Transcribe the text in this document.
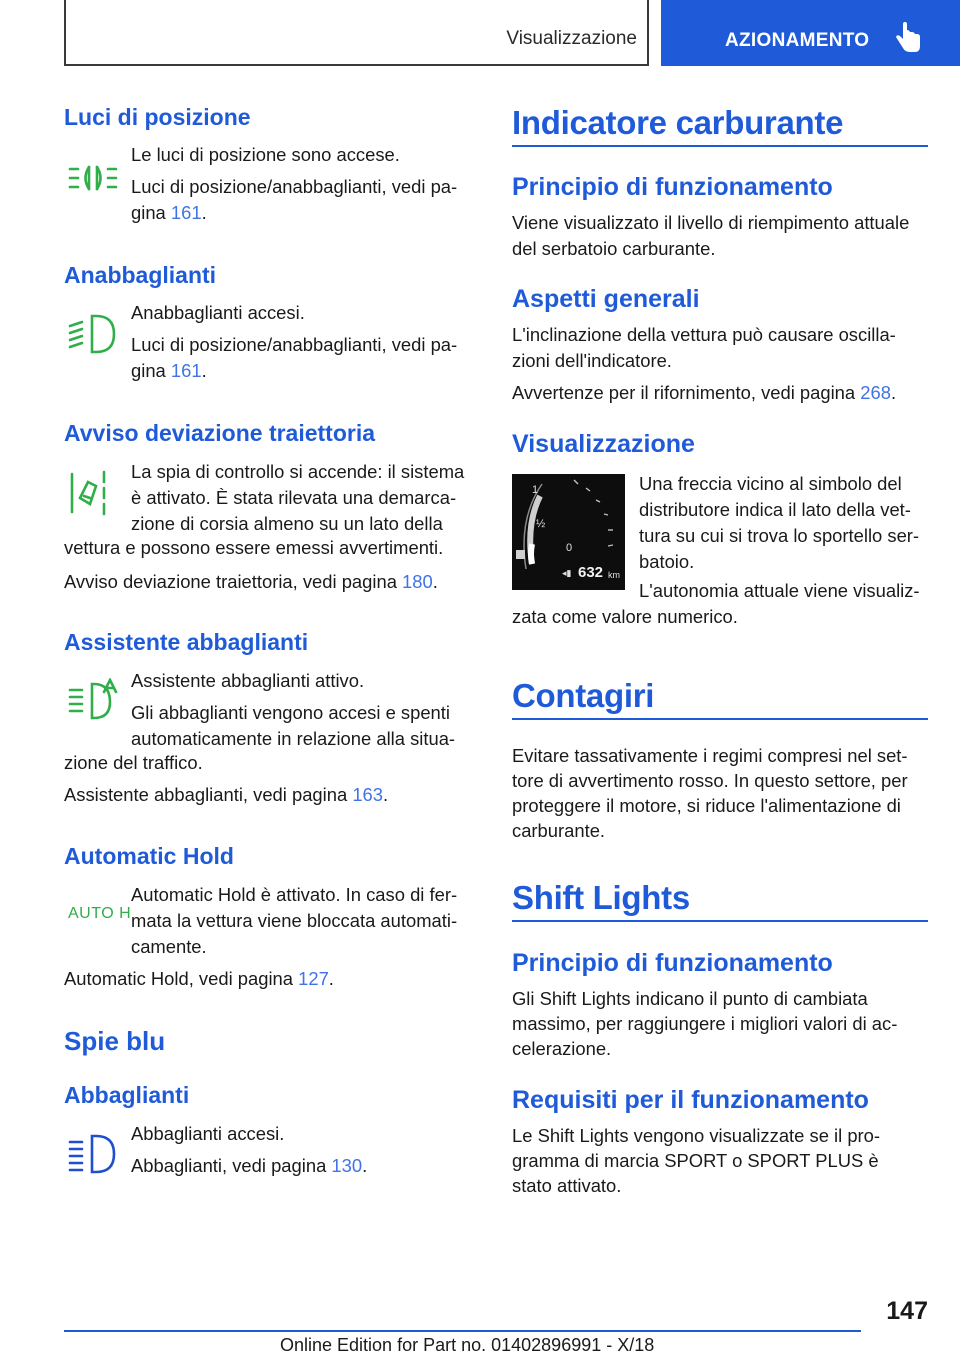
Visualizzazione	AZIONAMENTO
Luci di posizione
Le luci di posizione sono accese.
Luci di posizione/anabbaglianti, vedi pa-
gina 161.
Anabbaglianti
Anabbaglianti accesi.
Luci di posizione/anabbaglianti, vedi pa-
gina 161.
Avviso deviazione traiettoria
La spia di controllo si accende: il sistema
è attivato. È stata rilevata una demarca-
zione di corsia almeno su un lato della
vettura e possono essere emessi avvertimenti.
Avviso deviazione traiettoria, vedi pagina 180.
Assistente abbaglianti
Assistente abbaglianti attivo.
Gli abbaglianti vengono accesi e spenti
automaticamente in relazione alla situa-
zione del traffico.
Assistente abbaglianti, vedi pagina 163.
Automatic Hold
AUTO H
Automatic Hold è attivato. In caso di fer-
mata la vettura viene bloccata automati-
camente.
Automatic Hold, vedi pagina 127.
Spie blu
Abbaglianti
Abbaglianti accesi.
Abbaglianti, vedi pagina 130.
Indicatore carburante
Principio di funzionamento
Viene visualizzato il livello di riempimento attuale
del serbatoio carburante.
Aspetti generali
L'inclinazione della vettura può causare oscilla-
zioni dell'indicatore.
Avvertenze per il rifornimento, vedi pagina 268.
Visualizzazione
1
½
0
◂▮ 632 km
Una freccia vicino al simbolo del
distributore indica il lato della vet-
tura su cui si trova lo sportello ser-
batoio.
L'autonomia attuale viene visualiz-
zata come valore numerico.
Contagiri
Evitare tassativamente i regimi compresi nel set-
tore di avvertimento rosso. In questo settore, per
proteggere il motore, si riduce l'alimentazione di
carburante.
Shift Lights
Principio di funzionamento
Gli Shift Lights indicano il punto di cambiata
massimo, per raggiungere i migliori valori di ac-
celerazione.
Requisiti per il funzionamento
Le Shift Lights vengono visualizzate se il pro-
gramma di marcia SPORT o SPORT PLUS è
stato attivato.
147
Online Edition for Part no. 01402896991 - X/18
